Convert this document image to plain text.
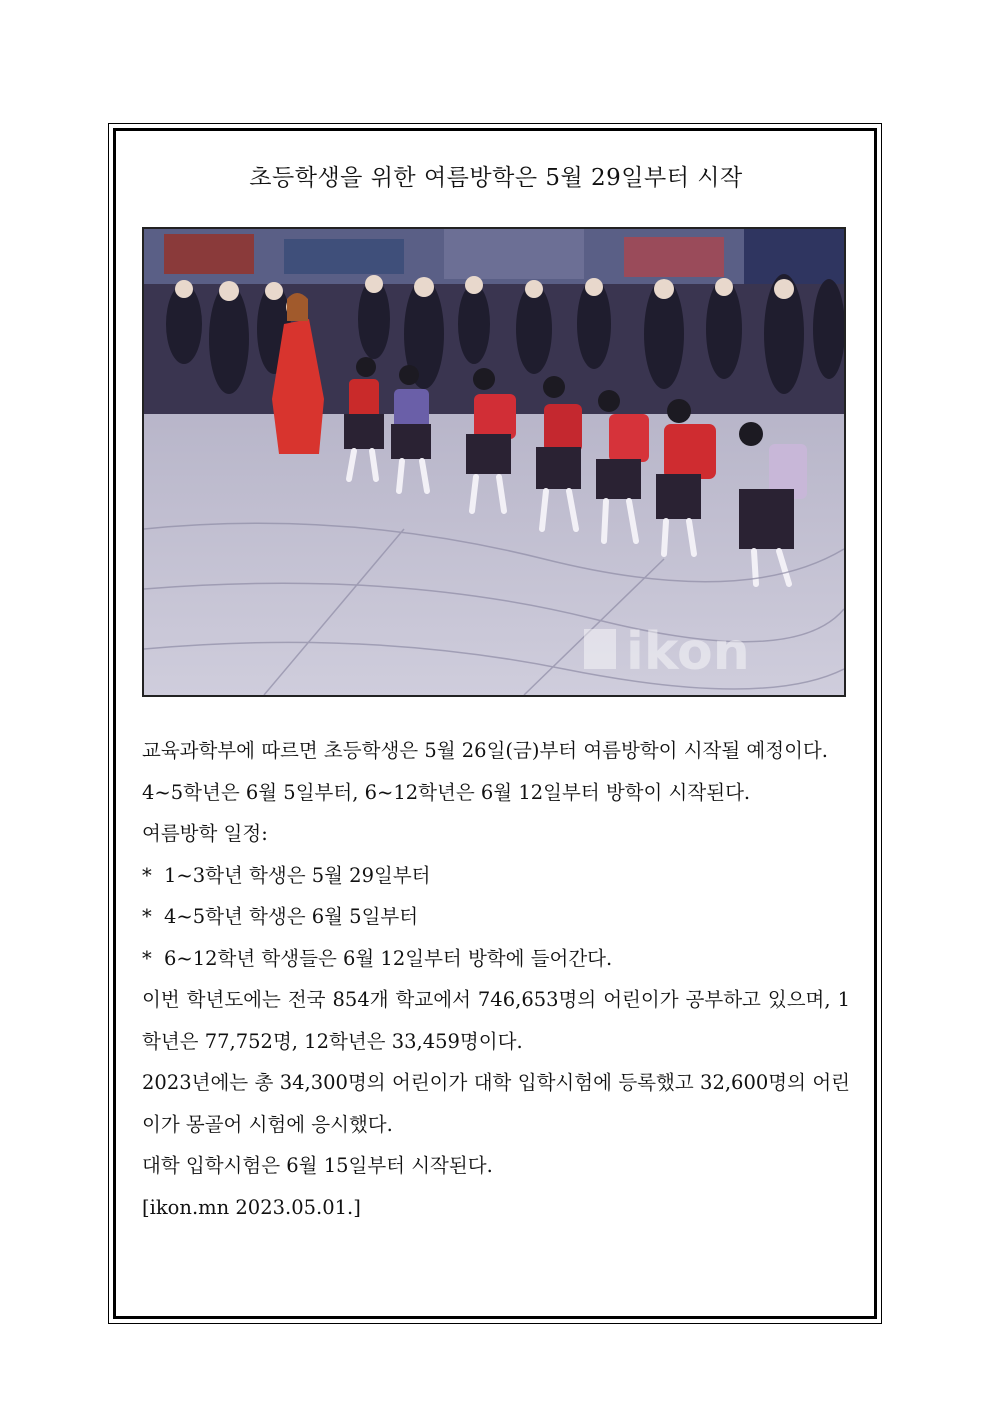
초등학생을 위한 여름방학은 5월 29일부터 시작
ikon

교육과학부에 따르면 초등학생은 5월 26일(금)부터 여름방학이 시작될 예정이다.

4~5학년은 6월 5일부터, 6~12학년은 6월 12일부터 방학이 시작된다.

여름방학 일정:

* 1~3학년 학생은 5월 29일부터

* 4~5학년 학생은 6월 5일부터

* 6~12학년 학생들은 6월 12일부터 방학에 들어간다.

이번 학년도에는 전국 854개 학교에서 746,653명의 어린이가 공부하고 있으며, 1학년은 77,752명, 12학년은 33,459명이다.

2023년에는 총 34,300명의 어린이가 대학 입학시험에 등록했고 32,600명의 어린이가 몽골어 시험에 응시했다.

대학 입학시험은 6월 15일부터 시작된다.

[ikon.mn 2023.05.01.]
